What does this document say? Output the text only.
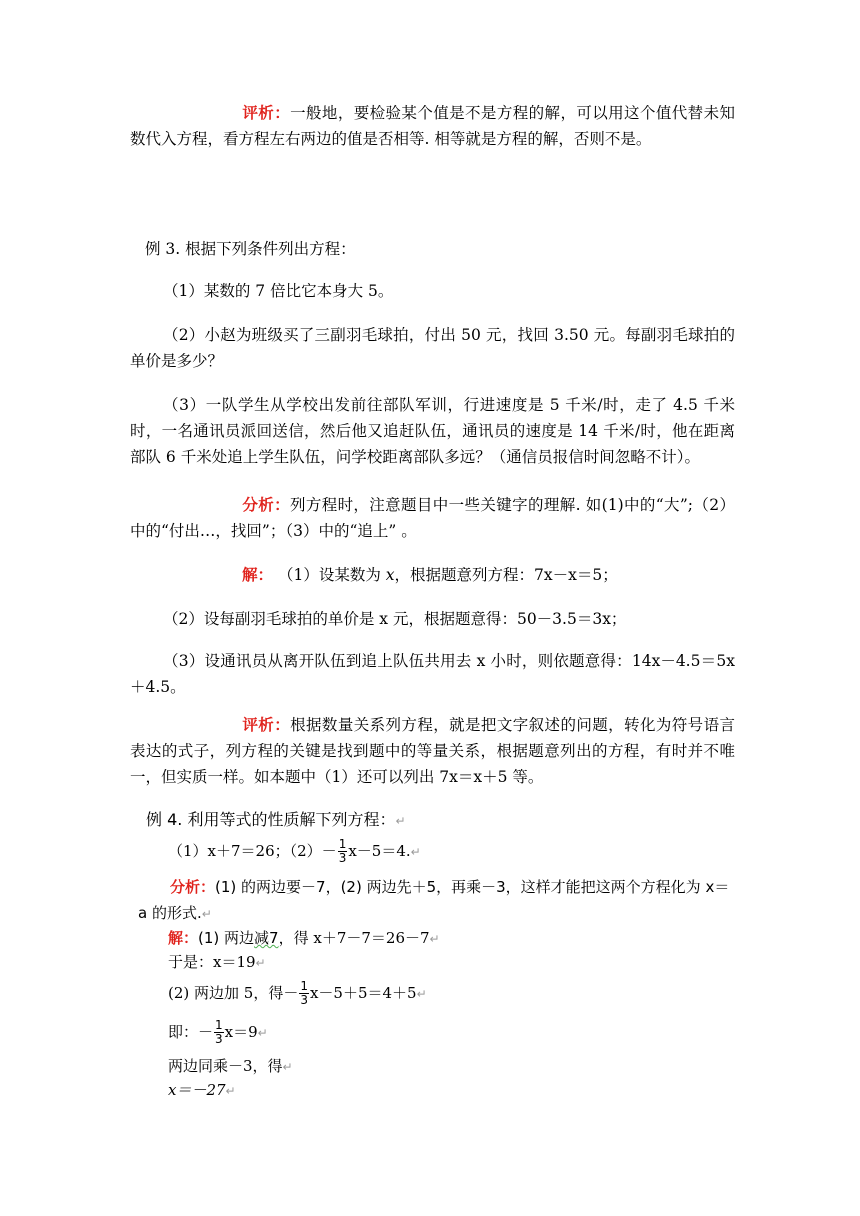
评析：一般地，要检验某个值是不是方程的解，可以用这个值代替未知数代入方程，看方程左右两边的值是否相等. 相等就是方程的解，否则不是。
例 3. 根据下列条件列出方程：
（1）某数的 7 倍比它本身大 5。
（2）小赵为班级买了三副羽毛球拍，付出 50 元，找回 3.50 元。每副羽毛球拍的单价是多少？
（3）一队学生从学校出发前往部队军训，行进速度是 5 千米/时，走了 4.5 千米时，一名通讯员派回送信，然后他又追赶队伍，通讯员的速度是 14 千米/时，他在距离部队 6 千米处追上学生队伍，问学校距离部队多远？（通信员报信时间忽略不计）。
分析：列方程时，注意题目中一些关键字的理解. 如(1)中的“大”;（2）中的“付出…，找回”；（3）中的“追上” 。
解： （1）设某数为 x，根据题意列方程：7x－x＝5；
（2）设每副羽毛球拍的单价是 x 元，根据题意得：50－3.5＝3x；
（3）设通讯员从离开队伍到追上队伍共用去 x 小时，则依题意得：14x－4.5＝5x＋4.5。
评析：根据数量关系列方程，就是把文字叙述的问题，转化为符号语言表达的式子，列方程的关键是找到题中的等量关系，根据题意列出的方程，有时并不唯一，但实质一样。如本题中（1）还可以列出 7x＝x＋5 等。
例 4. 利用等式的性质解下列方程：↵
（1）x＋7＝26；$(2)- \frac{1}{3}$ x－5＝4.↵
分析：(1) 的两边要－7，(2) 两边先＋5，再乘－3，这样才能把这两个方程化为 x＝a 的形式.↵
解：(1) 两边减7，得 x＋7－7＝26－7↵
于是：x＝19↵
(2) 两边加 5，得－ $\frac{1}{3}$ x－5＋5＝4＋5↵
即：－ $\frac{1}{3}$ x＝9↵
两边同乘－3，得↵
x＝－27↵
